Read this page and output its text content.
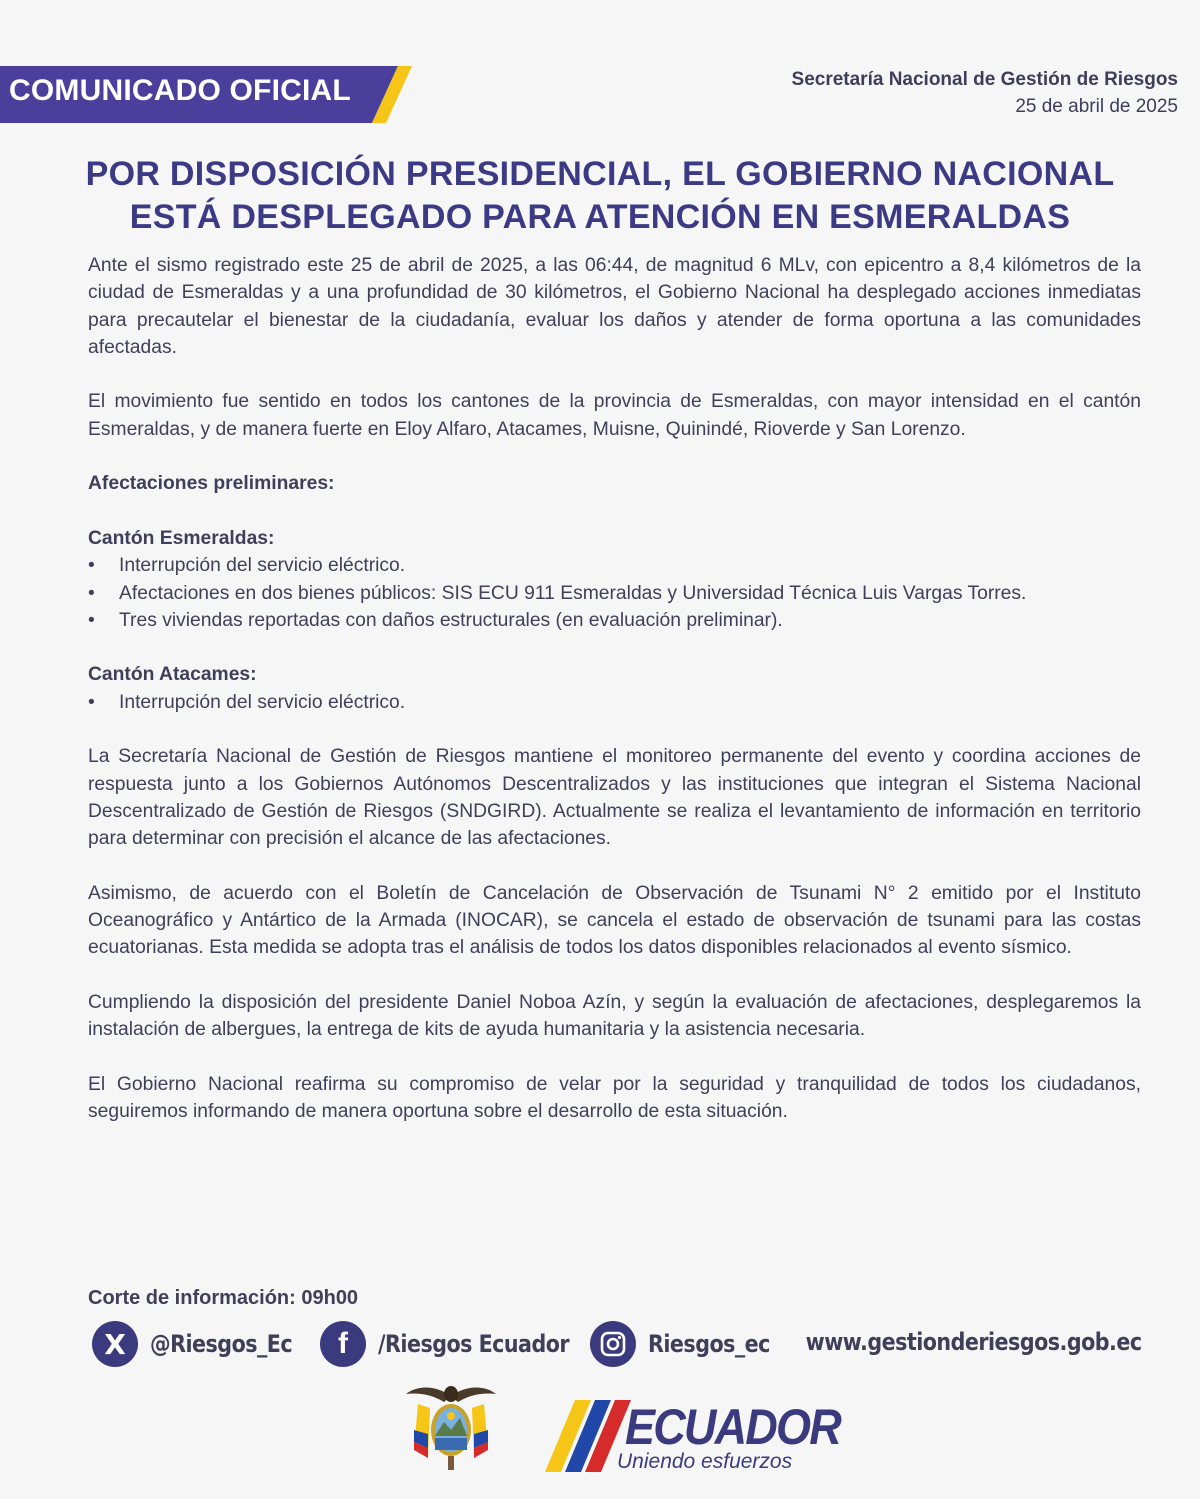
COMUNICADO OFICIAL	Secretaría Nacional de Gestión de Riesgos
25 de abril de 2025
POR DISPOSICIÓN PRESIDENCIAL, EL GOBIERNO NACIONAL
ESTÁ DESPLEGADO PARA ATENCIÓN EN ESMERALDAS

Ante el sismo registrado este 25 de abril de 2025, a las 06:44, de magnitud 6 MLv, con epicentro a 8,4 kilómetros de la ciudad de Esmeraldas y a una profundidad de 30 kilómetros, el Gobierno Nacional ha desplegado acciones inmediatas para precautelar el bienestar de la ciudadanía, evaluar los daños y atender de forma oportuna a las comunidades afectadas.

El movimiento fue sentido en todos los cantones de la provincia de Esmeraldas, con mayor intensidad en el cantón Esmeraldas, y de manera fuerte en Eloy Alfaro, Atacames, Muisne, Quinindé, Rioverde y San Lorenzo.

Afectaciones preliminares:
Cantón Esmeraldas:
• Interrupción del servicio eléctrico.
• Afectaciones en dos bienes públicos: SIS ECU 911 Esmeraldas y Universidad Técnica Luis Vargas Torres.
• Tres viviendas reportadas con daños estructurales (en evaluación preliminar).
Cantón Atacames:
• Interrupción del servicio eléctrico.

La Secretaría Nacional de Gestión de Riesgos mantiene el monitoreo permanente del evento y coordina acciones de respuesta junto a los Gobiernos Autónomos Descentralizados y las instituciones que integran el Sistema Nacional Descentralizado de Gestión de Riesgos (SNDGIRD). Actualmente se realiza el levantamiento de información en territorio para determinar con precisión el alcance de las afectaciones.

Asimismo, de acuerdo con el Boletín de Cancelación de Observación de Tsunami N° 2 emitido por el Instituto Oceanográfico y Antártico de la Armada (INOCAR), se cancela el estado de observación de tsunami para las costas ecuatorianas. Esta medida se adopta tras el análisis de todos los datos disponibles relacionados al evento sísmico.

Cumpliendo la disposición del presidente Daniel Noboa Azín, y según la evaluación de afectaciones, desplegaremos la instalación de albergues, la entrega de kits de ayuda humanitaria y la asistencia necesaria.

El Gobierno Nacional reafirma su compromiso de velar por la seguridad y tranquilidad de todos los ciudadanos, seguiremos informando de manera oportuna sobre el desarrollo de esta situación.

Corte de información: 09h00
X @Riesgos_Ec f /Riesgos Ecuador	Riesgos_ec www.gestionderiesgos.gob.ec
ECUADOR
Uniendo esfuerzos
